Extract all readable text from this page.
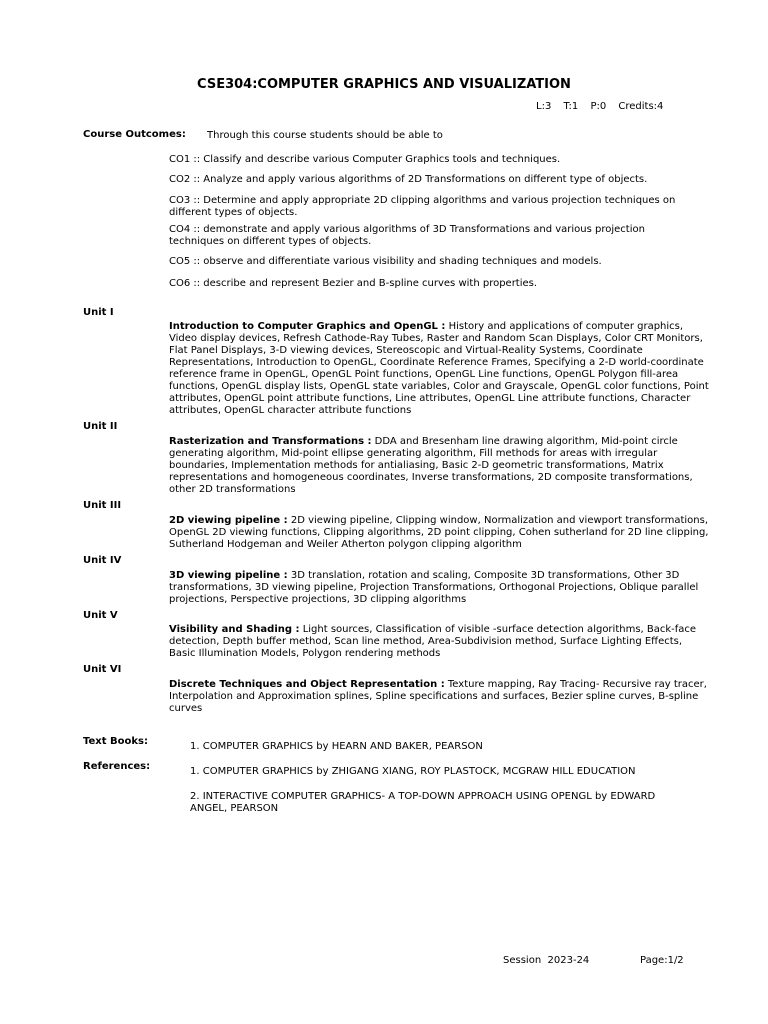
CSE304:COMPUTER GRAPHICS AND VISUALIZATION
L:3 T:1 P:0 Credits:4
Course Outcomes: Through this course students should be able to
CO1 :: Classify and describe various Computer Graphics tools and techniques.
CO2 :: Analyze and apply various algorithms of 2D Transformations on different type of objects.
CO3 :: Determine and apply appropriate 2D clipping algorithms and various projection techniques on different types of objects.
CO4 :: demonstrate and apply various algorithms of 3D Transformations and various projection techniques on different types of objects.
CO5 :: observe and differentiate various visibility and shading techniques and models.
CO6 :: describe and represent Bezier and B-spline curves with properties.
Unit I
Introduction to Computer Graphics and OpenGL : History and applications of computer graphics, Video display devices, Refresh Cathode-Ray Tubes, Raster and Random Scan Displays, Color CRT Monitors, Flat Panel Displays, 3-D viewing devices, Stereoscopic and Virtual-Reality Systems, Coordinate Representations, Introduction to OpenGL, Coordinate Reference Frames, Specifying a 2-D world-coordinate reference frame in OpenGL, OpenGL Point functions, OpenGL Line functions, OpenGL Polygon fill-area functions, OpenGL display lists, OpenGL state variables, Color and Grayscale, OpenGL color functions, Point attributes, OpenGL point attribute functions, Line attributes, OpenGL Line attribute functions, Character attributes, OpenGL character attribute functions
Unit II
Rasterization and Transformations : DDA and Bresenham line drawing algorithm, Mid-point circle generating algorithm, Mid-point ellipse generating algorithm, Fill methods for areas with irregular boundaries, Implementation methods for antialiasing, Basic 2-D geometric transformations, Matrix representations and homogeneous coordinates, Inverse transformations, 2D composite transformations, other 2D transformations
Unit III
2D viewing pipeline : 2D viewing pipeline, Clipping window, Normalization and viewport transformations, OpenGL 2D viewing functions, Clipping algorithms, 2D point clipping, Cohen sutherland for 2D line clipping, Sutherland Hodgeman and Weiler Atherton polygon clipping algorithm
Unit IV
3D viewing pipeline : 3D translation, rotation and scaling, Composite 3D transformations, Other 3D transformations, 3D viewing pipeline, Projection Transformations, Orthogonal Projections, Oblique parallel projections, Perspective projections, 3D clipping algorithms
Unit V
Visibility and Shading : Light sources, Classification of visible -surface detection algorithms, Back-face detection, Depth buffer method, Scan line method, Area-Subdivision method, Surface Lighting Effects, Basic Illumination Models, Polygon rendering methods
Unit VI
Discrete Techniques and Object Representation : Texture mapping, Ray Tracing- Recursive ray tracer, Interpolation and Approximation splines, Spline specifications and surfaces, Bezier spline curves, B-spline curves
Text Books:	1. COMPUTER GRAPHICS by HEARN AND BAKER, PEARSON
References:	1. COMPUTER GRAPHICS by ZHIGANG XIANG, ROY PLASTOCK, MCGRAW HILL EDUCATION
2. INTERACTIVE COMPUTER GRAPHICS- A TOP-DOWN APPROACH USING OPENGL by EDWARD ANGEL, PEARSON
Session  2023-24	Page:1/2
